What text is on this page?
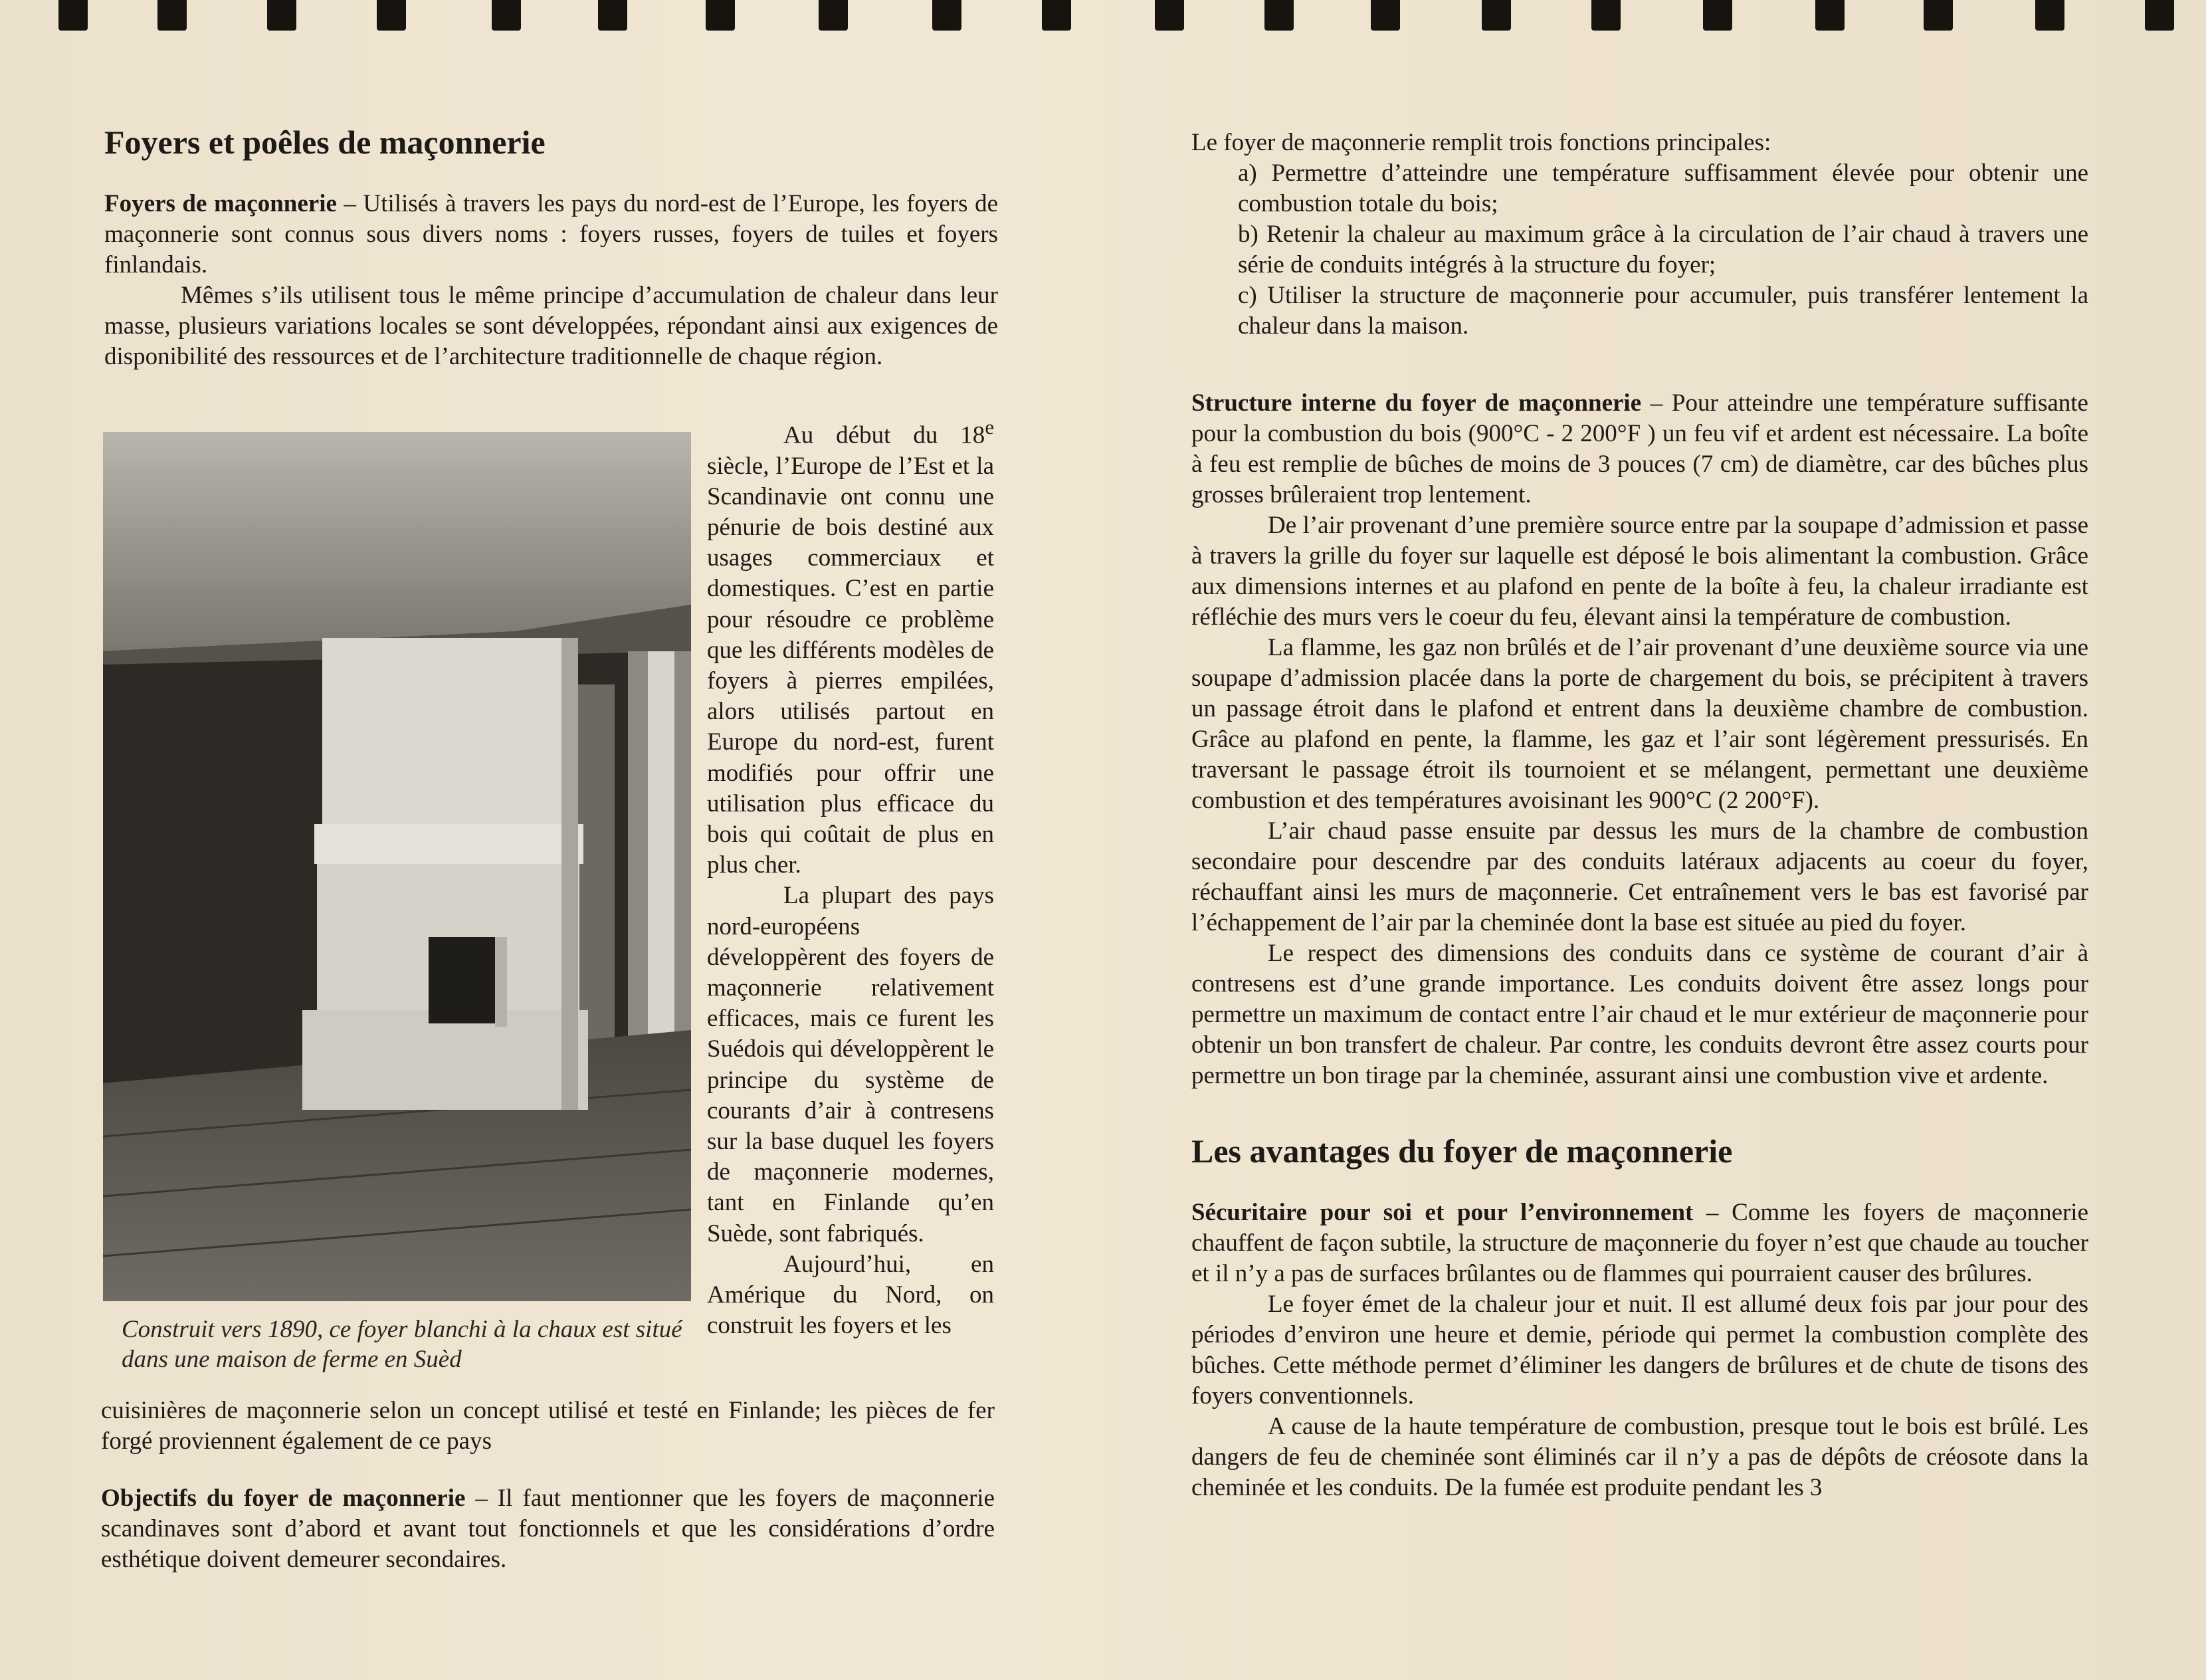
Foyers et poêles de maçonnerie

Foyers de maçonnerie – Utilisés à travers les pays du nord-est de l’Europe, les foyers de maçonnerie sont connus sous divers noms : foyers russes, foyers de tuiles et foyers finlandais.

Mêmes s’ils utilisent tous le même principe d’accumulation de chaleur dans leur masse, plusieurs variations locales se sont développées, répondant ainsi aux exigences de disponibilité des ressources et de l’architecture traditionnelle de chaque région.

Au début du 18e siècle, l’Europe de l’Est et la Scandinavie ont connu une pénurie de bois destiné aux usages commerciaux et domestiques. C’est en partie pour résoudre ce problème que les différents modèles de foyers à pierres empilées, alors utilisés partout en Europe du nord-est, furent modifiés pour offrir une utilisation plus efficace du bois qui coûtait de plus en plus cher.

La plupart des pays nord-européens développèrent des foyers de maçonnerie relativement efficaces, mais ce furent les Suédois qui développèrent le principe du système de courants d’air à contresens sur la base duquel les foyers de maçonnerie modernes, tant en Finlande qu’en Suède, sont fabriqués.

Aujourd’hui, en Amérique du Nord, on construit les foyers et les

Construit vers 1890, ce foyer blanchi à la chaux est situé dans une maison de ferme en Suèd

cuisinières de maçonnerie selon un concept utilisé et testé en Finlande; les pièces de fer forgé proviennent également de ce pays

Objectifs du foyer de maçonnerie – Il faut mentionner que les foyers de maçonnerie scandinaves sont d’abord et avant tout fonctionnels et que les considérations d’ordre esthétique doivent demeurer secondaires.

Le foyer de maçonnerie remplit trois fonctions principales:

a) Permettre d’atteindre une température suffisamment élevée pour obtenir une combustion totale du bois;

b) Retenir la chaleur au maximum grâce à la circulation de l’air chaud à travers une série de conduits intégrés à la structure du foyer;

c) Utiliser la structure de maçonnerie pour accumuler, puis transférer lentement la chaleur dans la maison.

Structure interne du foyer de maçonnerie – Pour atteindre une température suffisante pour la combustion du bois (900°C - 2 200°F ) un feu vif et ardent est nécessaire. La boîte à feu est remplie de bûches de moins de 3 pouces (7 cm) de diamètre, car des bûches plus grosses brûleraient trop lentement.

De l’air provenant d’une première source entre par la soupape d’admission et passe à travers la grille du foyer sur laquelle est déposé le bois alimentant la combustion. Grâce aux dimensions internes et au plafond en pente de la boîte à feu, la chaleur irradiante est réfléchie des murs vers le coeur du feu, élevant ainsi la température de combustion.

La flamme, les gaz non brûlés et de l’air provenant d’une deuxième source via une soupape d’admission placée dans la porte de chargement du bois, se précipitent à travers un passage étroit dans le plafond et entrent dans la deuxième chambre de combustion. Grâce au plafond en pente, la flamme, les gaz et l’air sont légèrement pressurisés. En traversant le passage étroit ils tournoient et se mélangent, permettant une deuxième combustion et des températures avoisinant les 900°C (2 200°F).

L’air chaud passe ensuite par dessus les murs de la chambre de combustion secondaire pour descendre par des conduits latéraux adjacents au coeur du foyer, réchauffant ainsi les murs de maçonnerie. Cet entraînement vers le bas est favorisé par l’échappement de l’air par la cheminée dont la base est située au pied du foyer.

Le respect des dimensions des conduits dans ce système de courant d’air à contresens est d’une grande importance. Les conduits doivent être assez longs pour permettre un maximum de contact entre l’air chaud et le mur extérieur de maçonnerie pour obtenir un bon transfert de chaleur. Par contre, les conduits devront être assez courts pour permettre un bon tirage par la cheminée, assurant ainsi une combustion vive et ardente.

Les avantages du foyer de maçonnerie

Sécuritaire pour soi et pour l’environnement – Comme les foyers de maçonnerie chauffent de façon subtile, la structure de maçonnerie du foyer n’est que chaude au toucher et il n’y a pas de surfaces brûlantes ou de flammes qui pourraient causer des brûlures.

Le foyer émet de la chaleur jour et nuit. Il est allumé deux fois par jour pour des périodes d’environ une heure et demie, période qui permet la combustion complète des bûches. Cette méthode permet d’éliminer les dangers de brûlures et de chute de tisons des foyers conventionnels.

A cause de la haute température de combustion, presque tout le bois est brûlé. Les dangers de feu de cheminée sont éliminés car il n’y a pas de dépôts de créosote dans la cheminée et les conduits. De la fumée est produite pendant les 3
